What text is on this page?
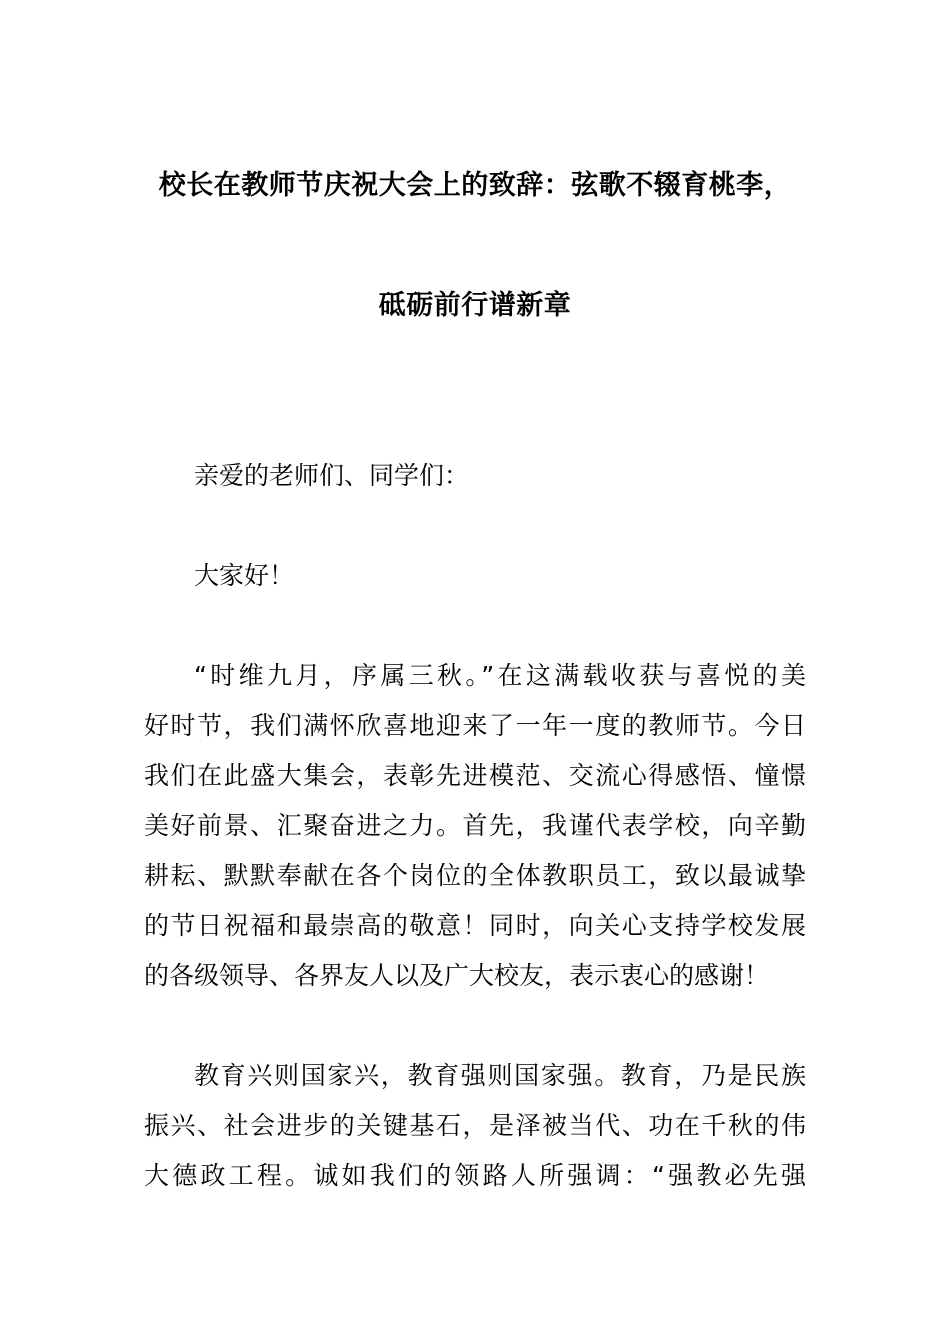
校长在教师节庆祝大会上的致辞：弦歌不辍育桃李，
砥砺前行谱新章

亲爱的老师们、同学们：

大家好！

“时维九月，序属三秋。”在这满载收获与喜悦的美
好时节，我们满怀欣喜地迎来了一年一度的教师节。今日
我们在此盛大集会，表彰先进模范、交流心得感悟、憧憬
美好前景、汇聚奋进之力。首先，我谨代表学校，向辛勤
耕耘、默默奉献在各个岗位的全体教职员工，致以最诚挚
的节日祝福和最崇高的敬意！同时，向关心支持学校发展
的各级领导、各界友人以及广大校友，表示衷心的感谢！

教育兴则国家兴，教育强则国家强。教育，乃是民族
振兴、社会进步的关键基石，是泽被当代、功在千秋的伟
大德政工程。诚如我们的领路人所强调：“强教必先强
